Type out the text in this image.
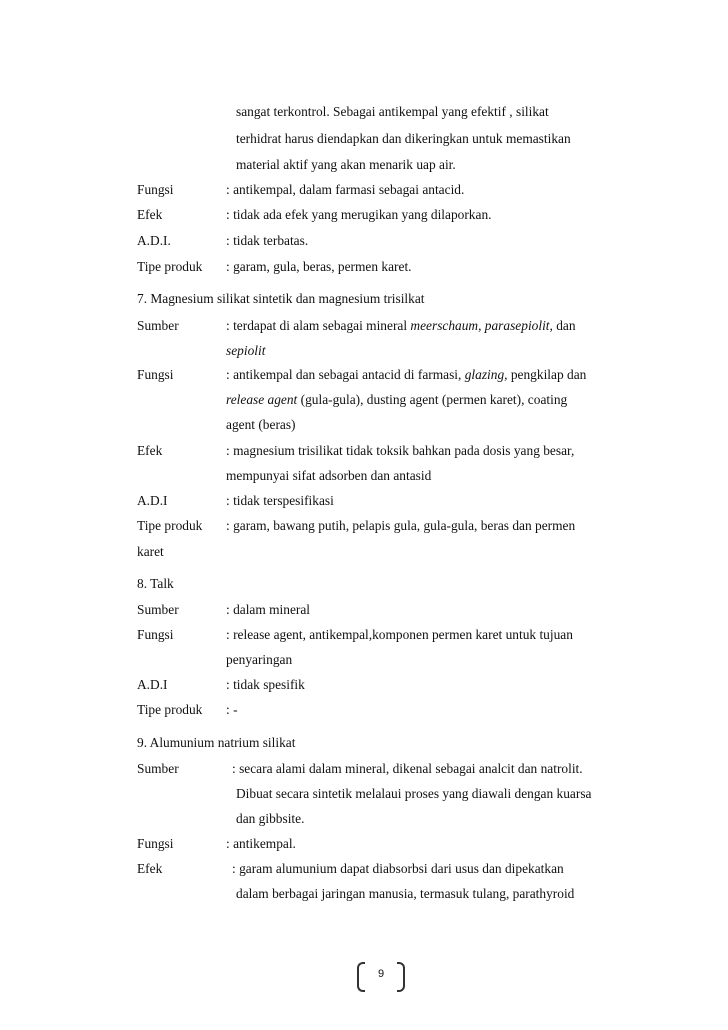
sangat terkontrol. Sebagai antikempal yang efektif , silikat
terhidrat harus diendapkan dan dikeringkan untuk memastikan
material aktif yang akan menarik uap air.
Fungsi	: antikempal, dalam farmasi sebagai antacid.
Efek	: tidak ada efek yang merugikan yang dilaporkan.
A.D.I.	: tidak terbatas.
Tipe produk : garam, gula, beras, permen karet.
7. Magnesium silikat sintetik dan magnesium trisilkat
Sumber	: terdapat di alam sebagai mineral meerschaum, parasepiolit, dan
sepiolit
Fungsi	: antikempal dan sebagai antacid di farmasi, glazing, pengkilap dan
release agent (gula-gula), dusting agent (permen karet), coating
agent (beras)
Efek	: magnesium trisilikat tidak toksik bahkan pada dosis yang besar,
mempunyai sifat adsorben dan antasid
A.D.I	: tidak terspesifikasi
Tipe produk : garam, bawang putih, pelapis gula, gula-gula, beras dan permen
karet
8. Talk
Sumber	: dalam mineral
Fungsi	: release agent, antikempal,komponen permen karet untuk tujuan
penyaringan
A.D.I	: tidak spesifik
Tipe produk : -
9. Alumunium natrium silikat
Sumber	: secara alami dalam mineral, dikenal sebagai analcit dan natrolit.
Dibuat secara sintetik melalaui proses yang diawali dengan kuarsa
dan gibbsite.
Fungsi	: antikempal.
Efek	: garam alumunium dapat diabsorbsi dari usus dan dipekatkan
dalam berbagai jaringan manusia, termasuk tulang, parathyroid
9
